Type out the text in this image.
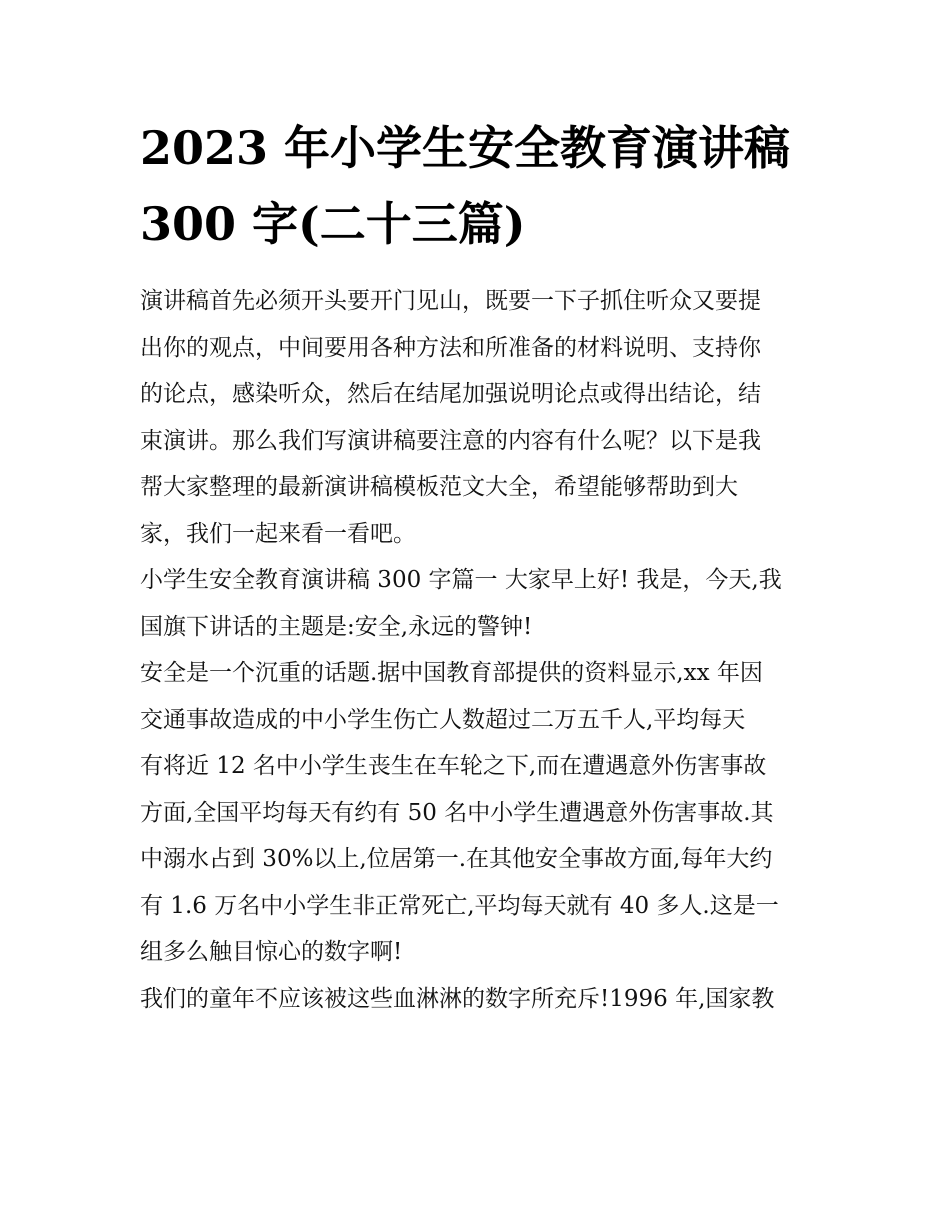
2023 年小学生安全教育演讲稿
300 字(二十三篇)
演讲稿首先必须开头要开门见山，既要一下子抓住听众又要提
出你的观点，中间要用各种方法和所准备的材料说明、支持你
的论点，感染听众，然后在结尾加强说明论点或得出结论，结
束演讲。那么我们写演讲稿要注意的内容有什么呢？以下是我
帮大家整理的最新演讲稿模板范文大全，希望能够帮助到大
家，我们一起来看一看吧。
小学生安全教育演讲稿 300 字篇一 大家早上好! 我是，今天,我
国旗下讲话的主题是:安全,永远的警钟!
安全是一个沉重的话题.据中国教育部提供的资料显示,xx 年因
交通事故造成的中小学生伤亡人数超过二万五千人,平均每天
有将近 12 名中小学生丧生在车轮之下,而在遭遇意外伤害事故
方面,全国平均每天有约有 50 名中小学生遭遇意外伤害事故.其
中溺水占到 30%以上,位居第一.在其他安全事故方面,每年大约
有 1.6 万名中小学生非正常死亡,平均每天就有 40 多人.这是一
组多么触目惊心的数字啊!
我们的童年不应该被这些血淋淋的数字所充斥!1996 年,国家教
